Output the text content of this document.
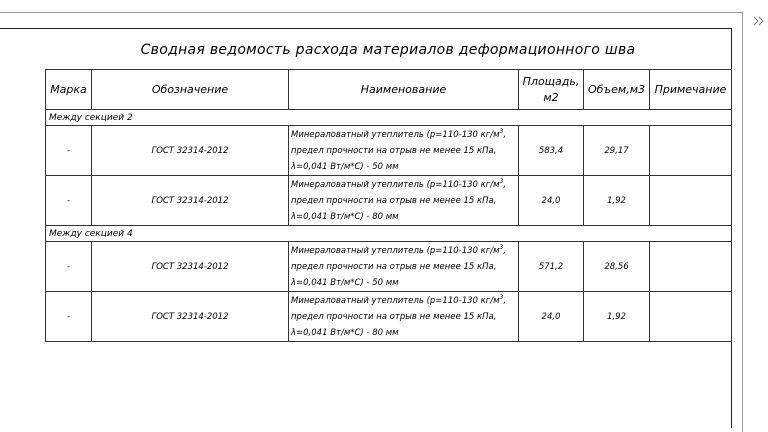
Сводная ведомость расхода материалов деформационного шва
Марка	Обозначение	Наименование	Площадь,
м2	Объем,м3	Примечание
Между секцией 2					
-	ГОСТ 32314-2012	Минераловатный утеплитель (p=110-130 $кг/м^3$,
предел прочности на отрыв не менее 15 кПа,
λ=0,041 Вт/м*С) - 50 мм	583,4	29,17	
-	ГОСТ 32314-2012	Минераловатный утеплитель (p=110-130 $кг/м^3$,
предел прочности на отрыв не менее 15 кПа,
λ=0,041 Вт/м*С) - 80 мм	24,0	1,92	
Между секцией 4					
-	ГОСТ 32314-2012	Минераловатный утеплитель (p=110-130 $кг/м^3$,
предел прочности на отрыв не менее 15 кПа,
λ=0,041 Вт/м*С) - 50 мм	571,2	28,56	
-	ГОСТ 32314-2012	Минераловатный утеплитель (p=110-130 $кг/м^3$,
предел прочности на отрыв не менее 15 кПа,
λ=0,041 Вт/м*С) - 80 мм	24,0	1,92	
